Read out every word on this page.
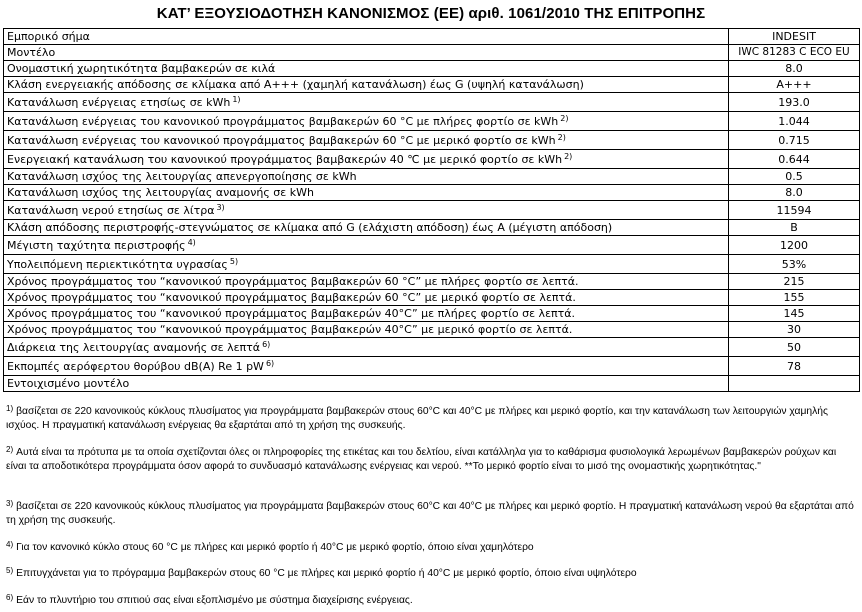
ΚΑΤ’ ΕΞΟΥΣΙΟΔΟΤΗΣΗ ΚΑΝΟΝΙΣΜΟΣ (ΕΕ) αριθ. 1061/2010 ΤΗΣ ΕΠΙΤΡΟΠΗΣ
Εμπορικό σήμα	INDESIT
Μοντέλο	IWC 81283 C ECO EU
Ονομαστική χωρητικότητα βαμβακερών σε κιλά	8.0
Κλάση ενεργειακής απόδοσης σε κλίμακα από A+++ (χαμηλή κατανάλωση) έως G (υψηλή κατανάλωση)	A+++
Κατανάλωση ενέργειας ετησίως σε kWh $^{1)}$	193.0
Κατανάλωση ενέργειας του κανονικού προγράμματος βαμβακερών 60 °C με πλήρες φορτίο σε kWh $^{2)}$	1.044
Κατανάλωση ενέργειας του κανονικού προγράμματος βαμβακερών 60 °C με μερικό φορτίο σε kWh $^{2)}$	0.715
Ενεργειακή κατανάλωση του κανονικού προγράμματος βαμβακερών 40 ℃ με μερικό φορτίο σε kWh $^{2)}$	0.644
Κατανάλωση ισχύος της λειτουργίας απενεργοποίησης σε kWh	0.5
Κατανάλωση ισχύος της λειτουργίας αναμονής σε kWh	8.0
Κατανάλωση νερού ετησίως σε λίτρα $^{3)}$	11594
Κλάση απόδοσης περιστροφής-στεγνώματος σε κλίμακα από G (ελάχιστη απόδοση) έως A (μέγιστη απόδοση)	B
Μέγιστη ταχύτητα περιστροφής $^{4)}$	1200
Υπολειπόμενη περιεκτικότητα υγρασίας $^{5)}$	53%
Χρόνος προγράμματος του “κανονικού προγράμματος βαμβακερών 60 °C” με πλήρες φορτίο σε λεπτά.	215
Χρόνος προγράμματος του “κανονικού προγράμματος βαμβακερών 60 °C” με μερικό φορτίο σε λεπτά.	155
Χρόνος προγράμματος του “κανονικού προγράμματος βαμβακερών 40°C” με πλήρες φορτίο σε λεπτά.	145
Χρόνος προγράμματος του “κανονικού προγράμματος βαμβακερών 40°C” με μερικό φορτίο σε λεπτά.	30
Διάρκεια της λειτουργίας αναμονής σε λεπτά $^{6)}$	50
Εκπομπές αερόφερτου θορύβου dB(A) Re 1 pW $^{6)}$	78
Εντοιχισμένο μοντέλο	
$^{1)}$ βασίζεται σε 220 κανονικούς κύκλους πλυσίματος για προγράμματα βαμβακερών στους 60°C και 40°C με πλήρες και μερικό φορτίο, και την κατανάλωση των λειτουργιών χαμηλής ισχύος. Η πραγματική κατανάλωση ενέργειας θα εξαρτάται από τη χρήση της συσκευής.
$^{2)}$ Αυτά είναι τα πρότυπα με τα οποία σχετίζονται όλες οι πληροφορίες της ετικέτας και του δελτίου, είναι κατάλληλα για το καθάρισμα φυσιολογικά λερωμένων βαμβακερών ρούχων και είναι τα αποδοτικότερα προγράμματα όσον αφορά το συνδυασμό κατανάλωσης ενέργειας και νερού. **Το μερικό φορτίο είναι το μισό της ονομαστικής χωρητικότητας."
$^{3)}$ βασίζεται σε 220 κανονικούς κύκλους πλυσίματος για προγράμματα βαμβακερών στους 60°C και 40°C με πλήρες και μερικό φορτίο. Η πραγματική κατανάλωση νερού θα εξαρτάται από τη χρήση της συσκευής.
$^{4)}$ Για τον κανονικό κύκλο στους 60 °C με πλήρες και μερικό φορτίο ή 40°C με μερικό φορτίο, όποιο είναι χαμηλότερο
$^{5)}$ Επιτυγχάνεται για το πρόγραμμα βαμβακερών στους 60 °C με πλήρες και μερικό φορτίο ή 40°C με μερικό φορτίο, όποιο είναι υψηλότερο
$^{6)}$ Εάν το πλυντήριο του σπιτιού σας είναι εξοπλισμένο με σύστημα διαχείρισης ενέργειας.
